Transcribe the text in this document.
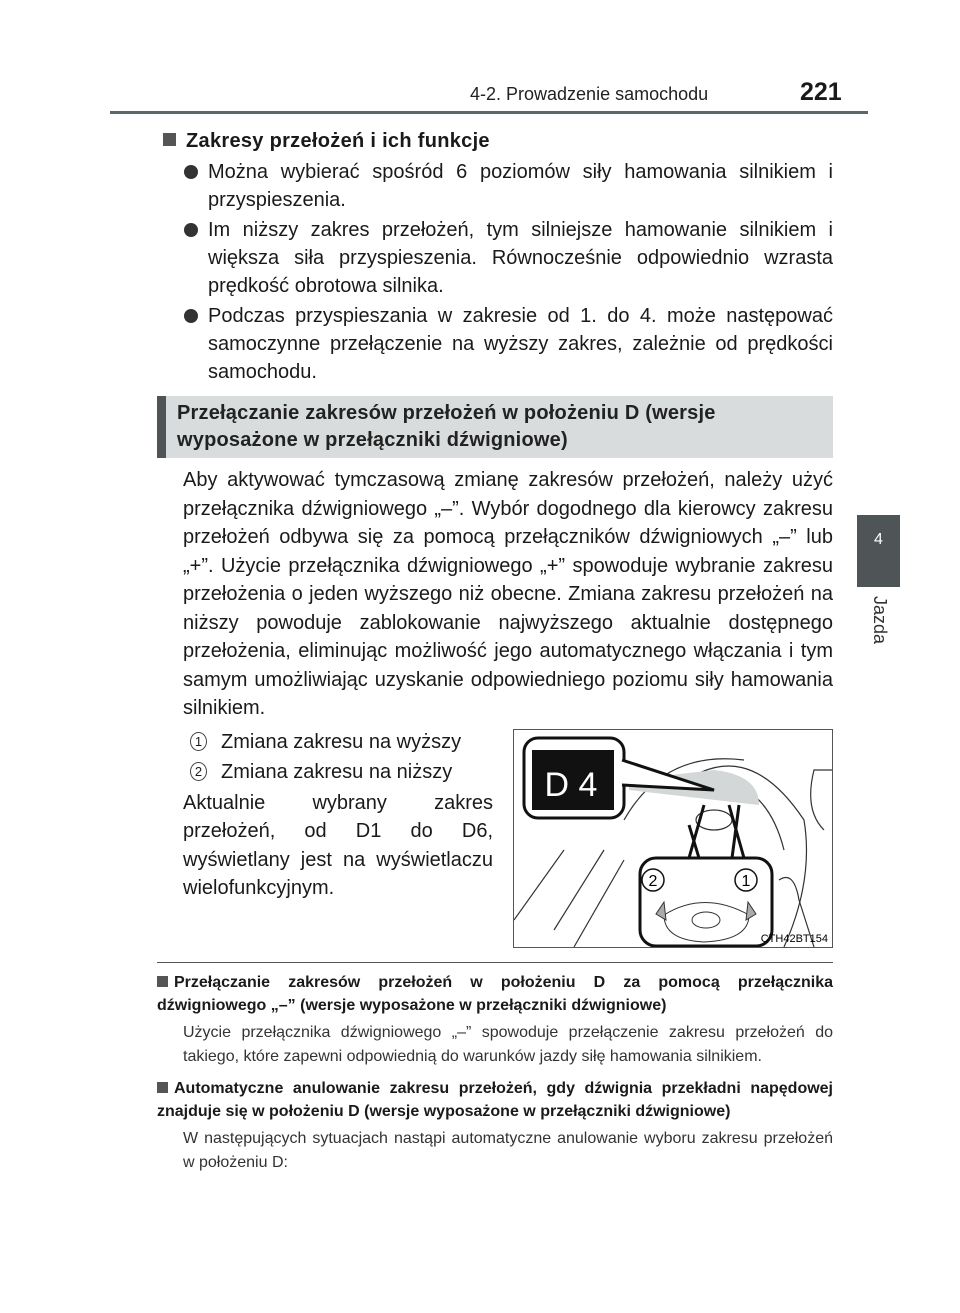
4-2. Prowadzenie samochodu	221
4
Jazda
Zakresy przełożeń i ich funkcje
Można wybierać spośród 6 poziomów siły hamowania silnikiem i przyspieszenia.
Im niższy zakres przełożeń, tym silniejsze hamowanie silnikiem i większa siła przyspieszenia. Równocześnie odpowiednio wzrasta prędkość obrotowa silnika.
Podczas przyspieszania w zakresie od 1. do 4. może następować samoczynne przełączenie na wyższy zakres, zależnie od prędkości samochodu.
Przełączanie zakresów przełożeń w położeniu D (wersje wyposażone w przełączniki dźwigniowe)
Aby aktywować tymczasową zmianę zakresów przełożeń, należy użyć przełącznika dźwigniowego „–”. Wybór dogodnego dla kierowcy zakresu przełożeń odbywa się za pomocą przełączników dźwigniowych „–” lub „+”. Użycie przełącznika dźwigniowego „+” spowoduje wybranie zakresu przełożenia o jeden wyższego niż obecne. Zmiana zakresu przełożeń na niższy powoduje zablokowanie najwyższego aktualnie dostępnego przełożenia, eliminując możliwość jego automatycznego włączania i tym samym umożliwiając uzyskanie odpowiedniego poziomu siły hamowania silnikiem.
D 4
2	1
CTH42BT154
1 Zmiana zakresu na wyższy
2 Zmiana zakresu na niższy
Aktualnie wybrany zakres przełożeń, od D1 do D6, wyświetlany jest na wyświetlaczu wielofunkcyjnym.
Przełączanie zakresów przełożeń w położeniu D za pomocą przełącznika dźwigniowego „–” (wersje wyposażone w przełączniki dźwigniowe)
Użycie przełącznika dźwigniowego „–” spowoduje przełączenie zakresu przełożeń do takiego, które zapewni odpowiednią do warunków jazdy siłę hamowania silnikiem.
Automatyczne anulowanie zakresu przełożeń, gdy dźwignia przekładni napędowej znajduje się w położeniu D (wersje wyposażone w przełączniki dźwigniowe)
W następujących sytuacjach nastąpi automatyczne anulowanie wyboru zakresu przełożeń w położeniu D:
